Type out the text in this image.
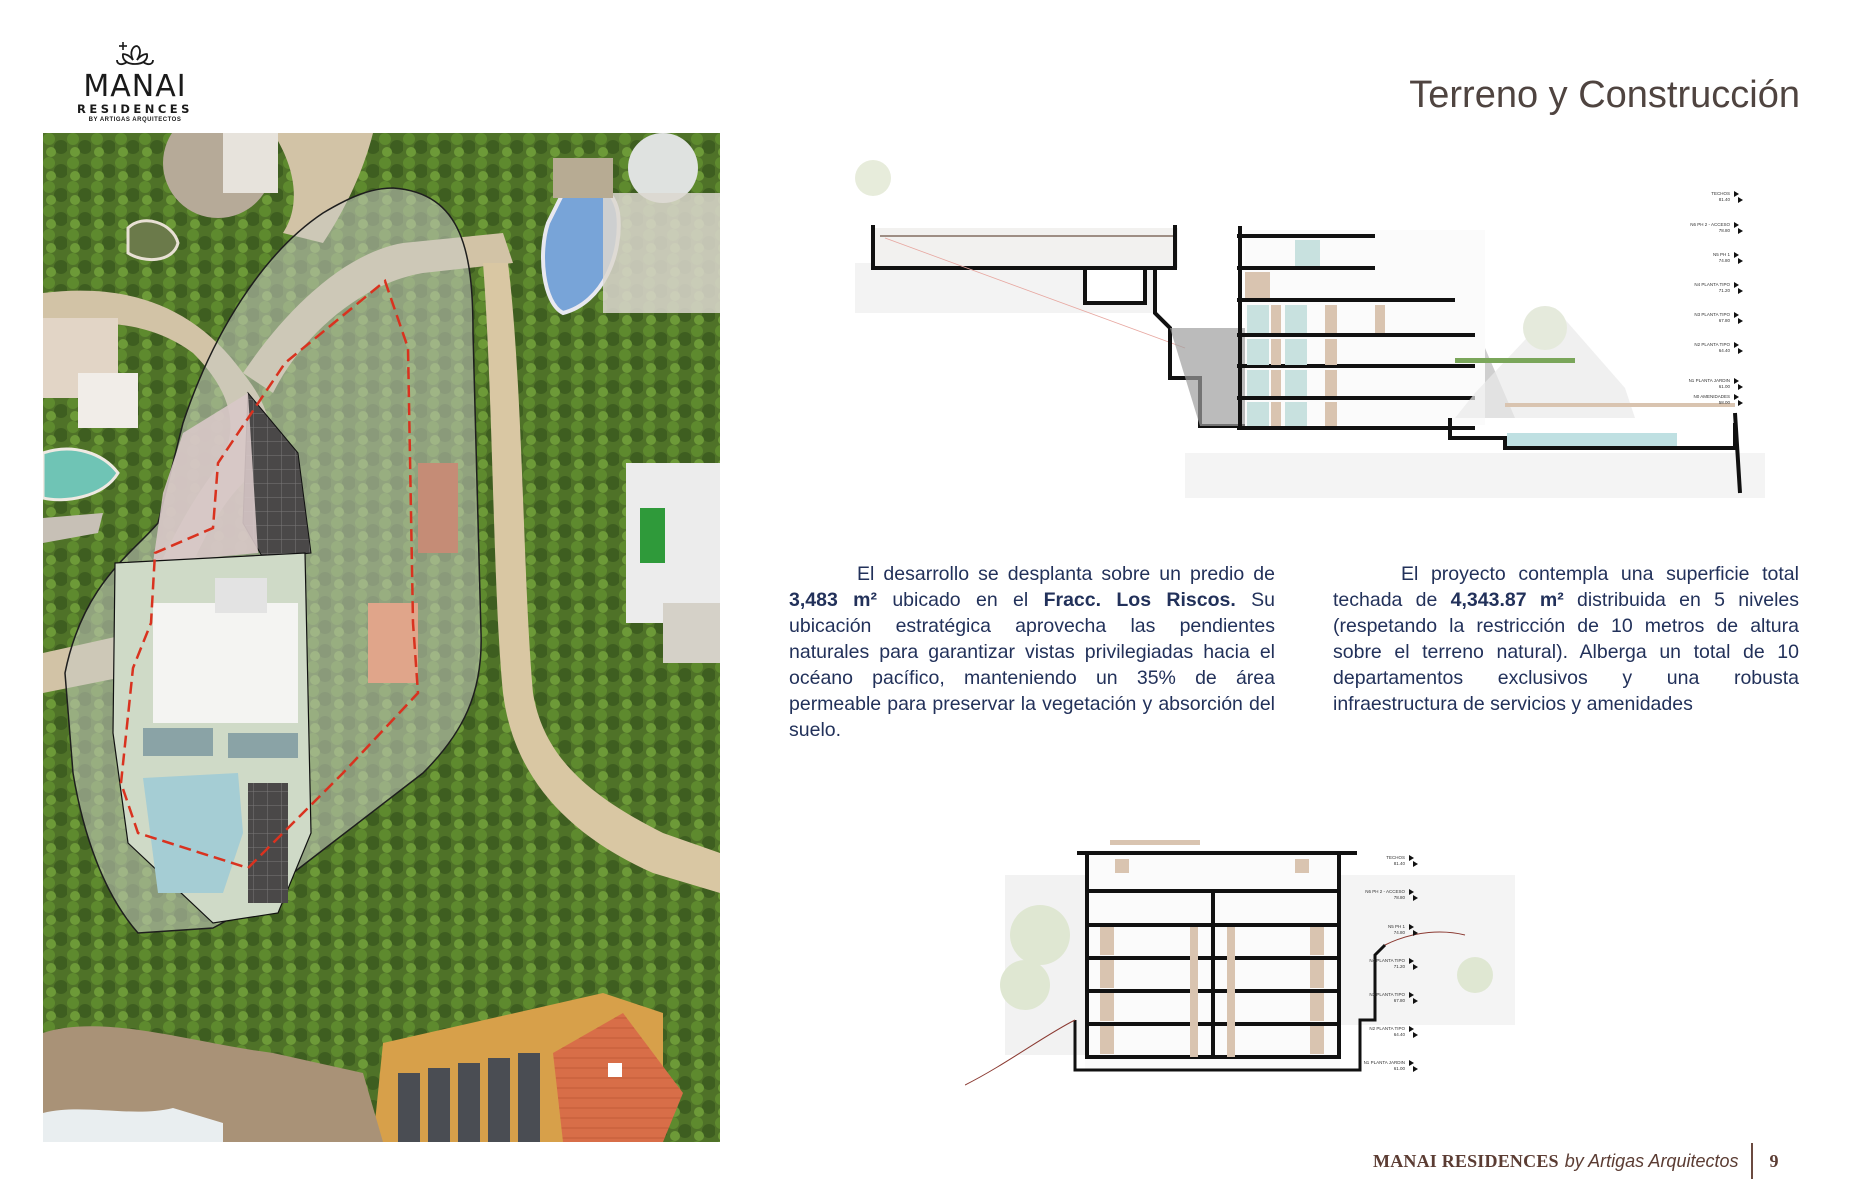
MANAI
RESIDENCES
BY ARTIGAS ARQUITECTOS
Terreno y Construcción
TECHOS
81.40
N6 PH 2 - ACCESO
78.80
N5 PH 1
74.80
N4 PLANTA TIPO
71.20
N3 PLANTA TIPO
67.80
N2 PLANTA TIPO
64.40
N1 PLANTA JARDIN
61.00
N0 AMENIDADES
58.00

El desarrollo se desplanta sobre un predio de 3,483 m² ubicado en el Fracc. Los Riscos. Su ubicación estratégica aprovecha las pendientes naturales para garantizar vistas privilegiadas hacia el océano pacífico, manteniendo un 35% de área permeable para preservar la vegetación y absorción del suelo.

El proyecto contempla una superficie total techada de 4,343.87 m² distribuida en 5 niveles (respetando la restricción de 10 metros de altura sobre el terreno natural). Alberga un total de 10 departamentos exclusivos y una robusta infraestructura de servicios y amenidades

TECHOS
81.40
N6 PH 2 - ACCESO
78.80
N5 PH 1
74.80
N4 PLANTA TIPO
71.20
N3 PLANTA TIPO
67.80
N2 PLANTA TIPO
64.40
N1 PLANTA JARDIN
61.00
MANAI RESIDENCES by Artigas Arquitectos 9
